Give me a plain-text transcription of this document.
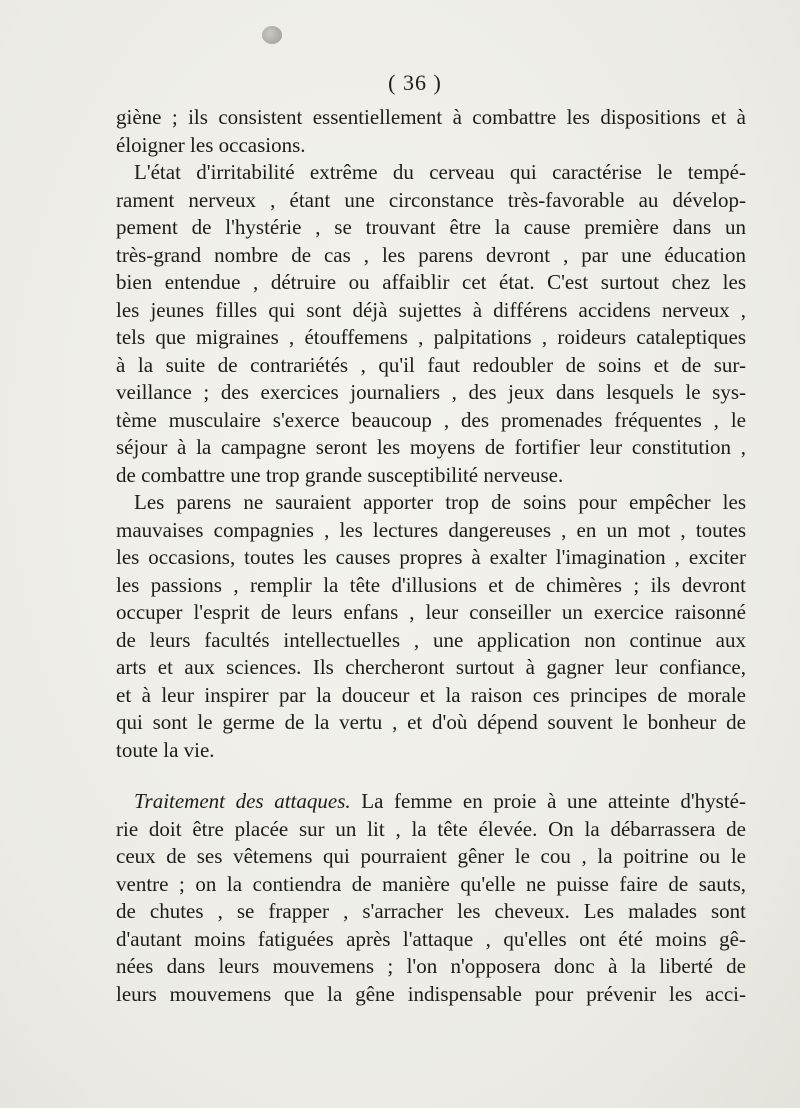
( 36 )
giène ; ils consistent essentiellement à combattre les dispositions et à
éloigner les occasions.
L'état d'irritabilité extrême du cerveau qui caractérise le tempé-
rament nerveux , étant une circonstance très-favorable au dévelop-
pement de l'hystérie , se trouvant être la cause première dans un
très-grand nombre de cas , les parens devront , par une éducation
bien entendue , détruire ou affaiblir cet état. C'est surtout chez les
les jeunes filles qui sont déjà sujettes à différens accidens nerveux ,
tels que migraines , étouffemens , palpitations , roideurs cataleptiques
à la suite de contrariétés , qu'il faut redoubler de soins et de sur-
veillance ; des exercices journaliers , des jeux dans lesquels le sys-
tème musculaire s'exerce beaucoup , des promenades fréquentes , le
séjour à la campagne seront les moyens de fortifier leur constitution ,
de combattre une trop grande susceptibilité nerveuse.
Les parens ne sauraient apporter trop de soins pour empêcher les
mauvaises compagnies , les lectures dangereuses , en un mot , toutes
les occasions, toutes les causes propres à exalter l'imagination , exciter
les passions , remplir la tête d'illusions et de chimères ; ils devront
occuper l'esprit de leurs enfans , leur conseiller un exercice raisonné
de leurs facultés intellectuelles , une application non continue aux
arts et aux sciences. Ils chercheront surtout à gagner leur confiance,
et à leur inspirer par la douceur et la raison ces principes de morale
qui sont le germe de la vertu , et d'où dépend souvent le bonheur de
toute la vie.
Traitement des attaques. La femme en proie à une atteinte d'hysté-
rie doit être placée sur un lit , la tête élevée. On la débarrassera de
ceux de ses vêtemens qui pourraient gêner le cou , la poitrine ou le
ventre ; on la contiendra de manière qu'elle ne puisse faire de sauts,
de chutes , se frapper , s'arracher les cheveux. Les malades sont
d'autant moins fatiguées après l'attaque , qu'elles ont été moins gê-
nées dans leurs mouvemens ; l'on n'opposera donc à la liberté de
leurs mouvemens que la gêne indispensable pour prévenir les acci-
